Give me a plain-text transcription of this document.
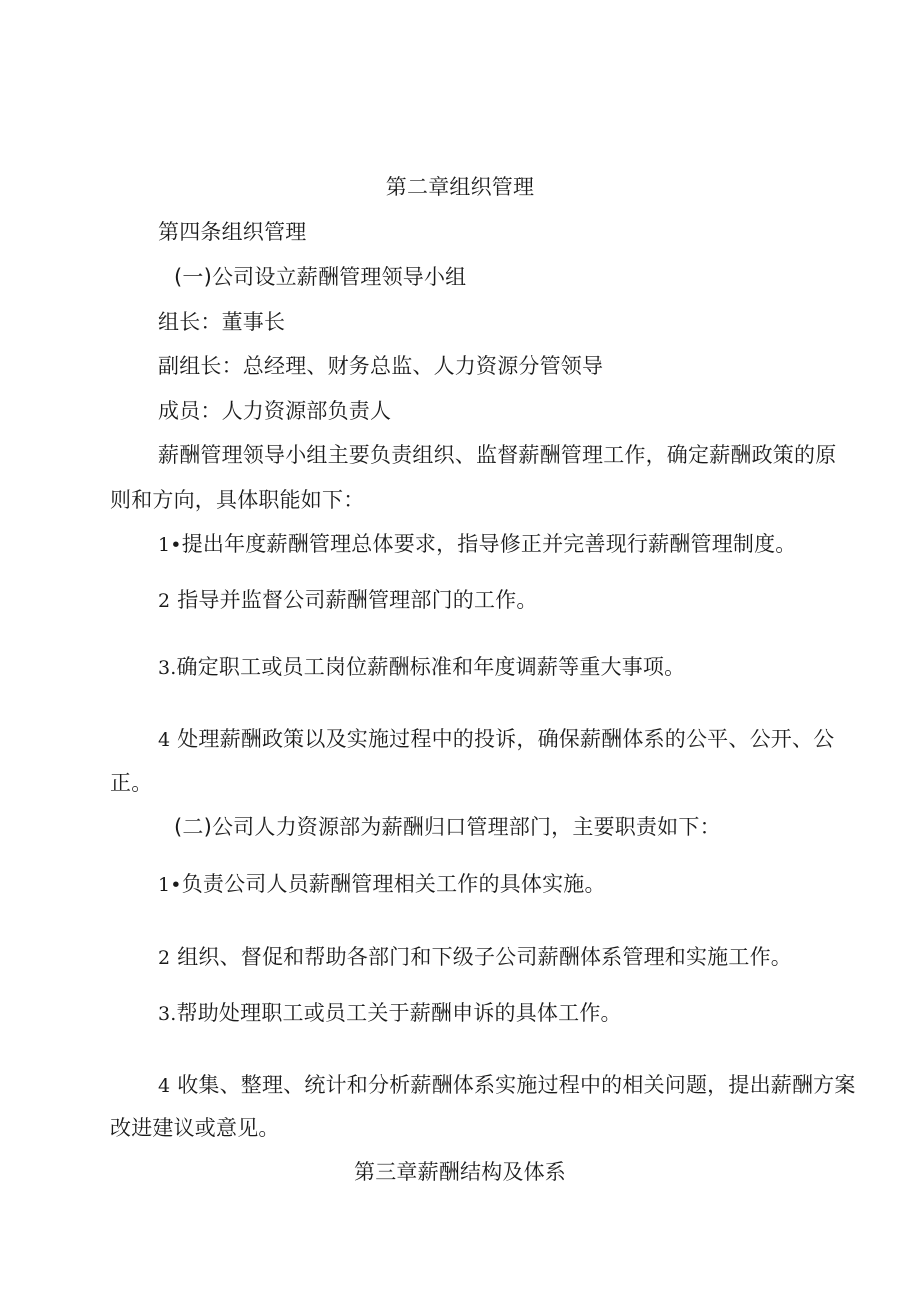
第二章组织管理
第四条组织管理
(一)公司设立薪酬管理领导小组
组长：董事长
副组长：总经理、财务总监、人力资源分管领导
成员：人力资源部负责人
薪酬管理领导小组主要负责组织、监督薪酬管理工作，确定薪酬政策的原
则和方向，具体职能如下：
1•提出年度薪酬管理总体要求，指导修正并完善现行薪酬管理制度。
2 指导并监督公司薪酬管理部门的工作。
3.确定职工或员工岗位薪酬标准和年度调薪等重大事项。
4 处理薪酬政策以及实施过程中的投诉，确保薪酬体系的公平、公开、公
正。
(二)公司人力资源部为薪酬归口管理部门，主要职责如下：
1•负责公司人员薪酬管理相关工作的具体实施。
2 组织、督促和帮助各部门和下级子公司薪酬体系管理和实施工作。
3.帮助处理职工或员工关于薪酬申诉的具体工作。
4 收集、整理、统计和分析薪酬体系实施过程中的相关问题，提出薪酬方案
改进建议或意见。
第三章薪酬结构及体系
